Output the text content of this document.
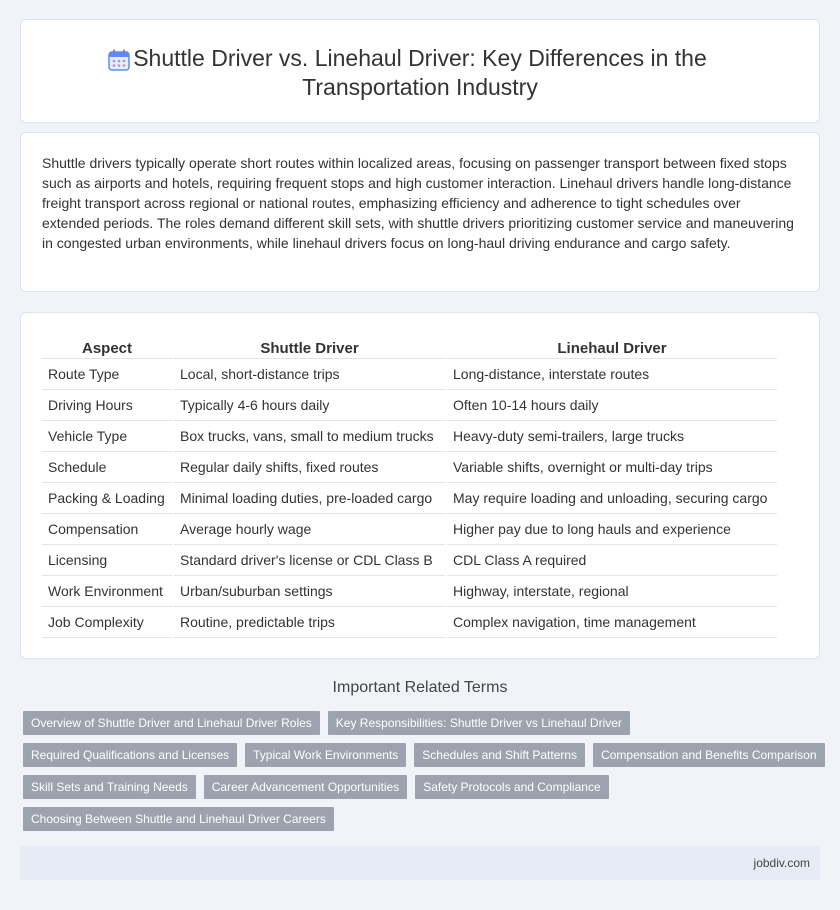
Shuttle Driver vs. Linehaul Driver: Key Differences in the Transportation Industry

Shuttle drivers typically operate short routes within localized areas, focusing on passenger transport between fixed stops such as airports and hotels, requiring frequent stops and high customer interaction. Linehaul drivers handle long-distance freight transport across regional or national routes, emphasizing efficiency and adherence to tight schedules over extended periods. The roles demand different skill sets, with shuttle drivers prioritizing customer service and maneuvering in congested urban environments, while linehaul drivers focus on long-haul driving endurance and cargo safety.

Aspect	Shuttle Driver	Linehaul Driver
Route Type	Local, short-distance trips	Long-distance, interstate routes
Driving Hours	Typically 4-6 hours daily	Often 10-14 hours daily
Vehicle Type	Box trucks, vans, small to medium trucks	Heavy-duty semi-trailers, large trucks
Schedule	Regular daily shifts, fixed routes	Variable shifts, overnight or multi-day trips
Packing & Loading	Minimal loading duties, pre-loaded cargo	May require loading and unloading, securing cargo
Compensation	Average hourly wage	Higher pay due to long hauls and experience
Licensing	Standard driver's license or CDL Class B	CDL Class A required
Work Environment	Urban/suburban settings	Highway, interstate, regional
Job Complexity	Routine, predictable trips	Complex navigation, time management
Important Related Terms
Overview of Shuttle Driver and Linehaul Driver Roles	Key Responsibilities: Shuttle Driver vs Linehaul Driver
Required Qualifications and Licenses	Typical Work Environments	Schedules and Shift Patterns	Compensation and Benefits Comparison
Skill Sets and Training Needs	Career Advancement Opportunities	Safety Protocols and Compliance
Choosing Between Shuttle and Linehaul Driver Careers
jobdiv.com
